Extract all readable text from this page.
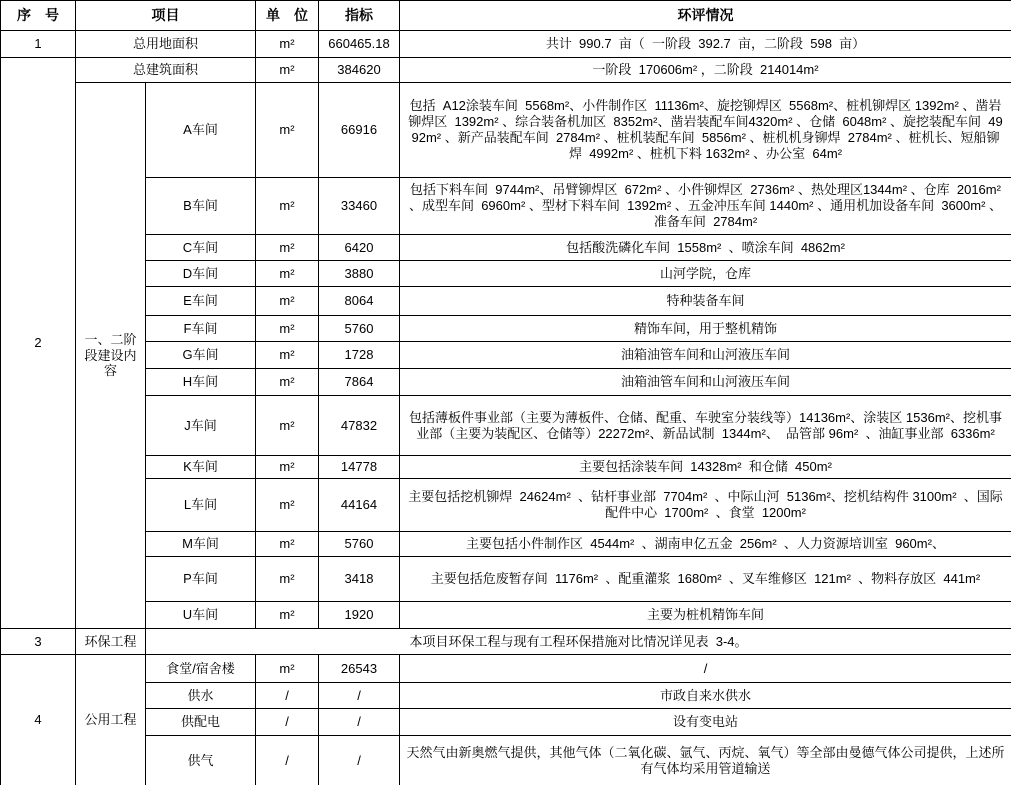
序　号	项目		单　位	指标	环评情况
1	总用地面积		m²	660465.18	共计  990.7  亩（  一阶段  392.7  亩，二阶段  598  亩）
2	总建筑面积		m²	384620	一阶段  170606m² ，二阶段  214014m²
	一、二阶段建设内容	A车间	m²	66916	包括  A12涂装车间  5568m²、小件制作区  11136m²、旋挖铆焊区  5568m²、桩机铆焊区 1392m² 、凿岩铆焊区  1392m² 、综合装备机加区  8352m²、凿岩装配车间4320m² 、仓储  6048m² 、旋挖装配车间  4992m² 、新产品装配车间  2784m² 、桩机装配车间  5856m² 、桩机机身铆焊  2784m² 、桩机长、短船铆焊  4992m² 、桩机下料 1632m² 、办公室  64m²
		B车间	m²	33460	包括下料车间  9744m²、吊臂铆焊区  672m² 、小件铆焊区  2736m² 、热处理区1344m² 、仓库  2016m² 、成型车间  6960m² 、型材下料车间  1392m² 、五金冲压车间 1440m² 、通用机加设备车间  3600m² 、准备车间  2784m²
		C车间	m²	6420	包括酸洗磷化车间  1558m²  、喷涂车间  4862m²
		D车间	m²	3880	山河学院，仓库
		E车间	m²	8064	特种装备车间
		F车间	m²	5760	精饰车间，用于整机精饰
		G车间	m²	1728	油箱油管车间和山河液压车间
		H车间	m²	7864	油箱油管车间和山河液压车间
		J车间	m²	47832	包括薄板件事业部（主要为薄板件、仓储、配重、车驶室分装线等）14136m²、涂装区 1536m²、挖机事业部（主要为装配区、仓储等）22272m²、新品试制  1344m²、  品管部 96m²  、油缸事业部  6336m²
		K车间	m²	14778	主要包括涂装车间  14328m²  和仓储  450m²
		L车间	m²	44164	主要包括挖机铆焊  24624m²  、钻杆事业部  7704m²  、中际山河  5136m²、挖机结构件 3100m²  、国际配件中心  1700m²  、食堂  1200m²
		M车间	m²	5760	主要包括小件制作区  4544m²  、湖南申亿五金  256m²  、人力资源培训室  960m²、
		P车间	m²	3418	主要包括危废暂存间  1176m²  、配重灌浆  1680m²  、叉车维修区  121m²  、物料存放区  441m²
		U车间	m²	1920	主要为桩机精饰车间
3	环保工程	本项目环保工程与现有工程环保措施对比情况详见表  3-4。			
4	公用工程	食堂/宿舍楼	m²	26543	/
		供水	/	/	市政自来水供水
		供配电	/	/	设有变电站
		供气	/	/	天然气由新奥燃气提供，其他气体（二氧化碳、氩气、丙烷、氧气）等全部由曼德气体公司提供，上述所有气体均采用管道输送
